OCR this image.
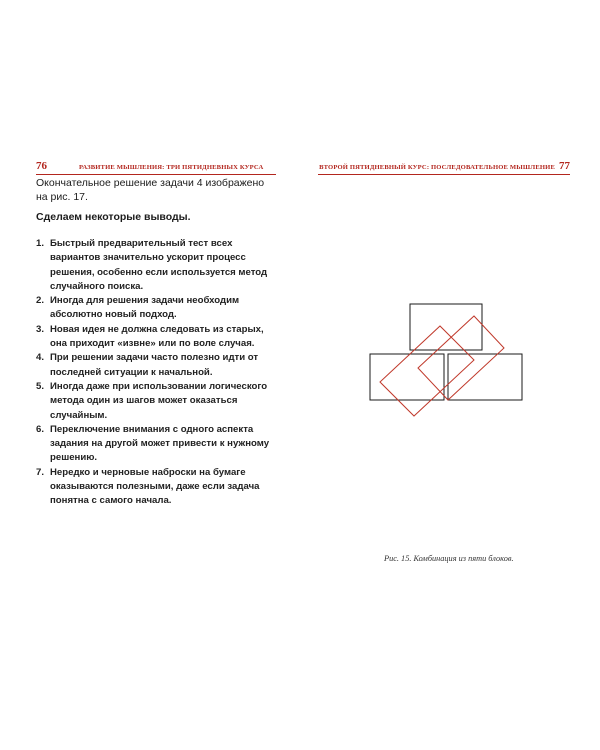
76	РАЗВИТИЕ МЫШЛЕНИЯ: ТРИ ПЯТИДНЕВНЫХ КУРСА
Окончательное решение задачи 4 изображено на рис. 17.
Сделаем некоторые выводы.
1. Быстрый предварительный тест всех вариантов значительно ускорит процесс решения, особенно если используется метод случайного поиска.
2. Иногда для решения задачи необходим абсолютно новый подход.
3. Новая идея не должна следовать из старых, она приходит «извне» или по воле случая.
4. При решении задачи часто полезно идти от последней ситуации к начальной.
5. Иногда даже при использовании логического метода один из шагов может оказаться случайным.
6. Переключение внимания с одного аспекта задания на другой может привести к нужному решению.
7. Нередко и черновые наброски на бумаге оказываются полезными, даже если задача понятна с самого начала.
ВТОРОЙ ПЯТИДНЕВНЫЙ КУРС: ПОСЛЕДОВАТЕЛЬНОЕ МЫШЛЕНИЕ 77
Рис. 15. Комбинация из пяти блоков.
